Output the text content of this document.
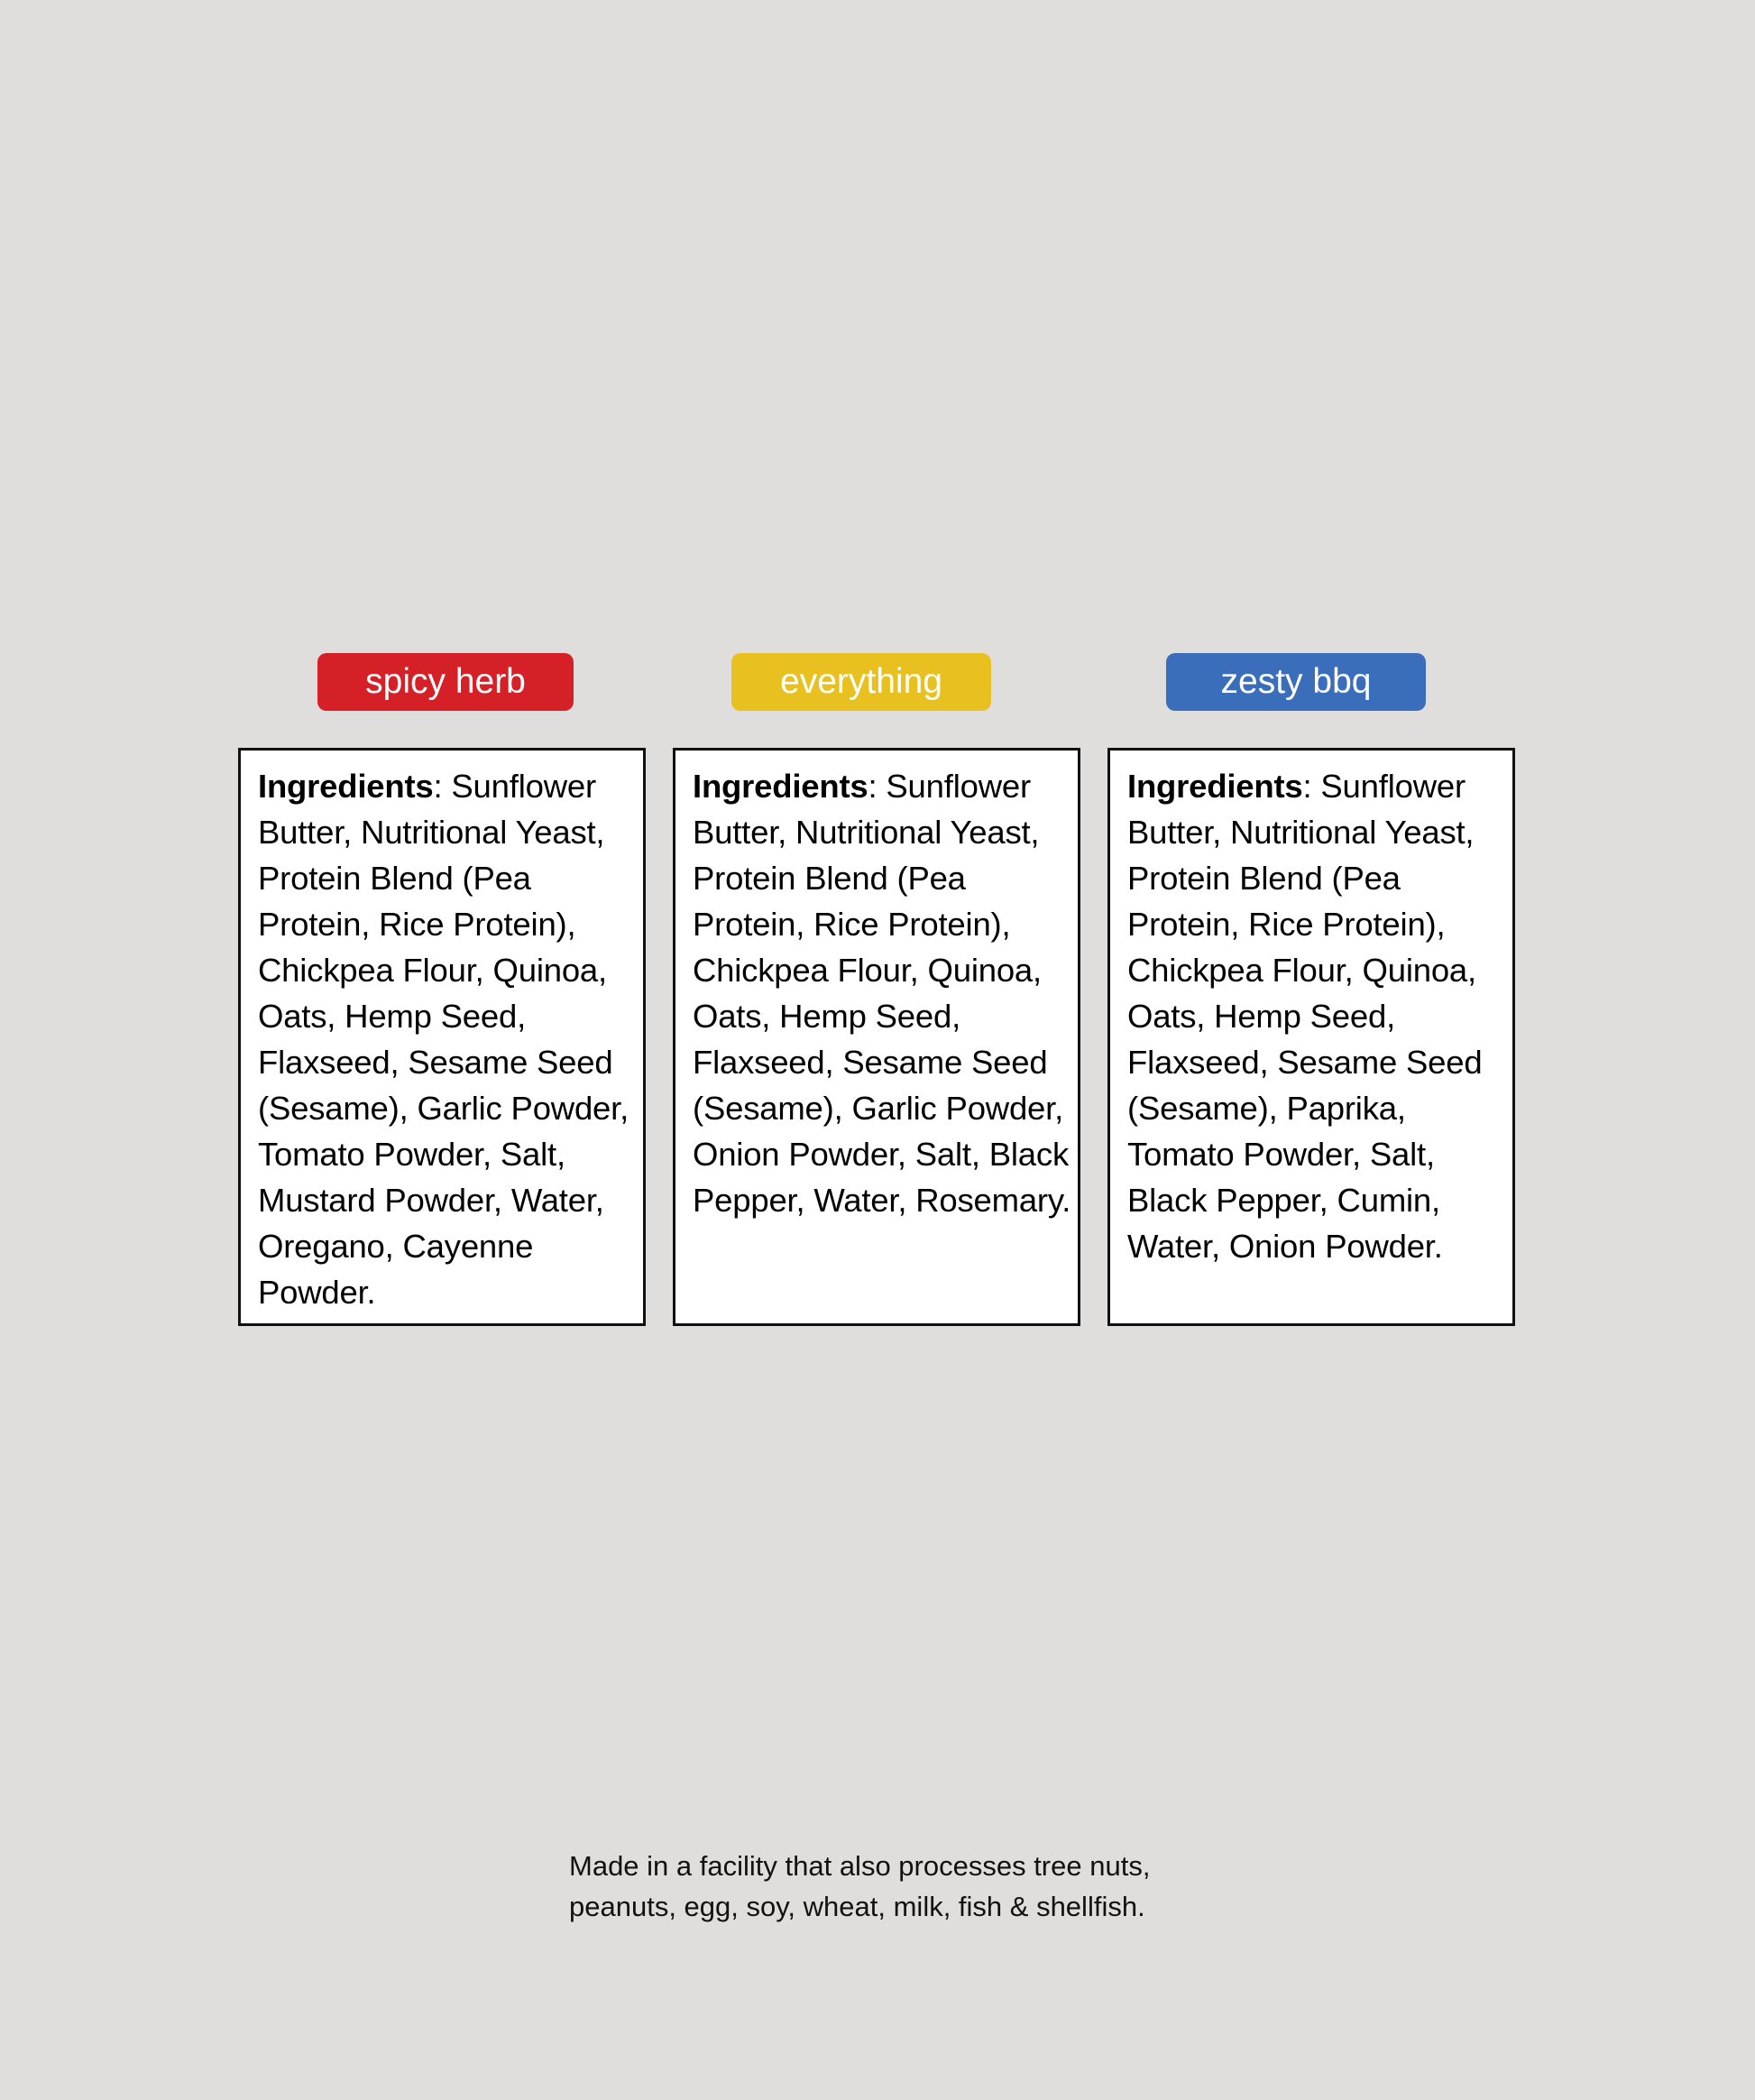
spicy herb
Ingredients: Sunflower Butter, Nutritional Yeast, Protein Blend (Pea Protein, Rice Protein), Chickpea Flour, Quinoa, Oats, Hemp Seed, Flaxseed, Sesame Seed (Sesame), Garlic Powder, Tomato Powder, Salt, Mustard Powder, Water, Oregano, Cayenne Powder.
everything
Ingredients: Sunflower Butter, Nutritional Yeast, Protein Blend (Pea Protein, Rice Protein), Chickpea Flour, Quinoa, Oats, Hemp Seed, Flaxseed, Sesame Seed (Sesame), Garlic Powder, Onion Powder, Salt, Black Pepper, Water, Rosemary.
zesty bbq
Ingredients: Sunflower Butter, Nutritional Yeast, Protein Blend (Pea Protein, Rice Protein), Chickpea Flour, Quinoa, Oats, Hemp Seed, Flaxseed, Sesame Seed (Sesame), Paprika, Tomato Powder, Salt, Black Pepper, Cumin, Water, Onion Powder.
Made in a facility that also processes tree nuts,
peanuts, egg, soy, wheat, milk, fish & shellfish.
